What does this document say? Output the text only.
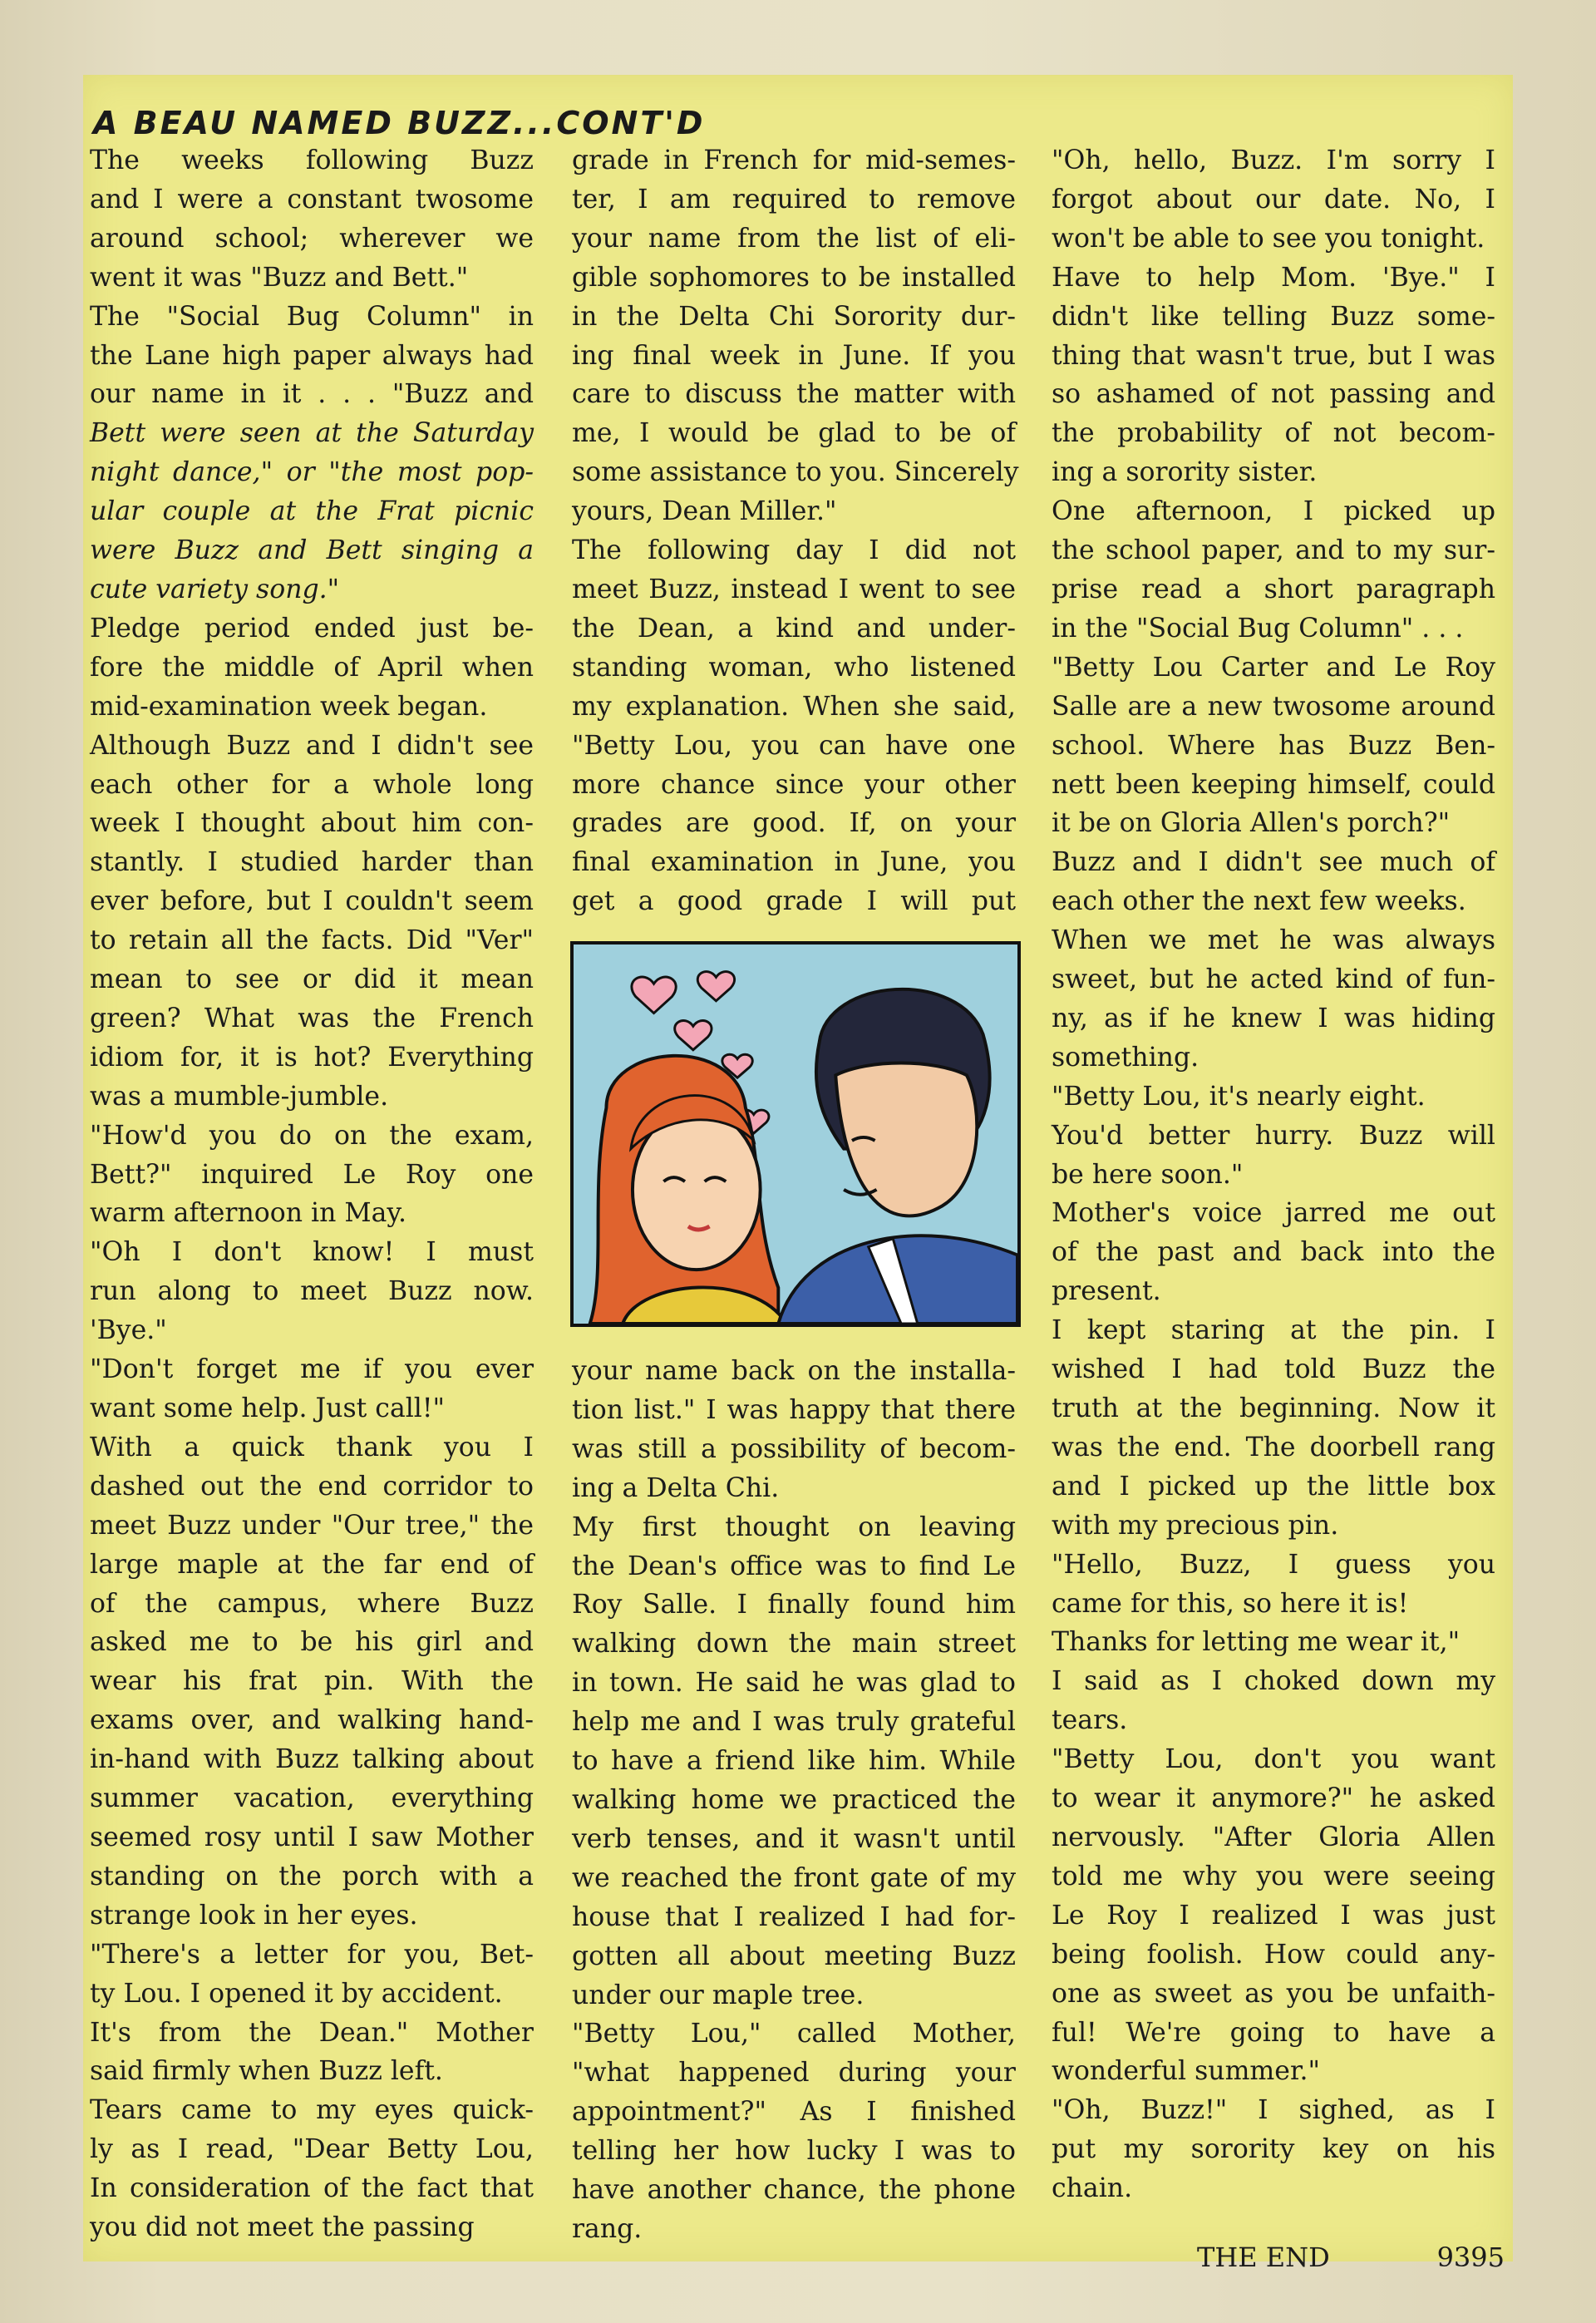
A BEAU NAMED BUZZ...CONT'D
The weeks following Buzz
and I were a constant twosome
around school; wherever we
went it was "Buzz and Bett."
The "Social Bug Column" in
the Lane high paper always had
our name in it . . . "Buzz and
Bett were seen at the Saturday
night dance," or "the most pop-
ular couple at the Frat picnic
were Buzz and Bett singing a
cute variety song."
Pledge period ended just be-
fore the middle of April when
mid-examination week began.
Although Buzz and I didn't see
each other for a whole long
week I thought about him con-
stantly. I studied harder than
ever before, but I couldn't seem
to retain all the facts. Did "Ver"
mean to see or did it mean
green? What was the French
idiom for, it is hot? Everything
was a mumble-jumble.
"How'd you do on the exam,
Bett?" inquired Le Roy one
warm afternoon in May.
"Oh I don't know! I must
run along to meet Buzz now.
'Bye."
"Don't forget me if you ever
want some help. Just call!"
With a quick thank you I
dashed out the end corridor to
meet Buzz under "Our tree," the
large maple at the far end of
of the campus, where Buzz
asked me to be his girl and
wear his frat pin. With the
exams over, and walking hand-
in-hand with Buzz talking about
summer vacation, everything
seemed rosy until I saw Mother
standing on the porch with a
strange look in her eyes.
"There's a letter for you, Bet-
ty Lou. I opened it by accident.
It's from the Dean." Mother
said firmly when Buzz left.
Tears came to my eyes quick-
ly as I read, "Dear Betty Lou,
In consideration of the fact that
you did not meet the passing
grade in French for mid-semes-
ter, I am required to remove
your name from the list of eli-
gible sophomores to be installed
in the Delta Chi Sorority dur-
ing final week in June. If you
care to discuss the matter with
me, I would be glad to be of
some assistance to you. Sincerely
yours, Dean Miller."
The following day I did not
meet Buzz, instead I went to see
the Dean, a kind and under-
standing woman, who listened
my explanation. When she said,
"Betty Lou, you can have one
more chance since your other
grades are good. If, on your
final examination in June, you
get a good grade I will put
your name back on the installa-
tion list." I was happy that there
was still a possibility of becom-
ing a Delta Chi.
My first thought on leaving
the Dean's office was to find Le
Roy Salle. I finally found him
walking down the main street
in town. He said he was glad to
help me and I was truly grateful
to have a friend like him. While
walking home we practiced the
verb tenses, and it wasn't until
we reached the front gate of my
house that I realized I had for-
gotten all about meeting Buzz
under our maple tree.
"Betty Lou," called Mother,
"what happened during your
appointment?" As I finished
telling her how lucky I was to
have another chance, the phone
rang.
"Oh, hello, Buzz. I'm sorry I
forgot about our date. No, I
won't be able to see you tonight.
Have to help Mom. 'Bye." I
didn't like telling Buzz some-
thing that wasn't true, but I was
so ashamed of not passing and
the probability of not becom-
ing a sorority sister.
One afternoon, I picked up
the school paper, and to my sur-
prise read a short paragraph
in the "Social Bug Column" . . .
"Betty Lou Carter and Le Roy
Salle are a new twosome around
school. Where has Buzz Ben-
nett been keeping himself, could
it be on Gloria Allen's porch?"
Buzz and I didn't see much of
each other the next few weeks.
When we met he was always
sweet, but he acted kind of fun-
ny, as if he knew I was hiding
something.
"Betty Lou, it's nearly eight.
You'd better hurry. Buzz will
be here soon."
Mother's voice jarred me out
of the past and back into the
present.
I kept staring at the pin. I
wished I had told Buzz the
truth at the beginning. Now it
was the end. The doorbell rang
and I picked up the little box
with my precious pin.
"Hello, Buzz, I guess you
came for this, so here it is!
Thanks for letting me wear it,"
I said as I choked down my
tears.
"Betty Lou, don't you want
to wear it anymore?" he asked
nervously. "After Gloria Allen
told me why you were seeing
Le Roy I realized I was just
being foolish. How could any-
one as sweet as you be unfaith-
ful! We're going to have a
wonderful summer."
"Oh, Buzz!" I sighed, as I
put my sorority key on his
chain.
THE END	9395
